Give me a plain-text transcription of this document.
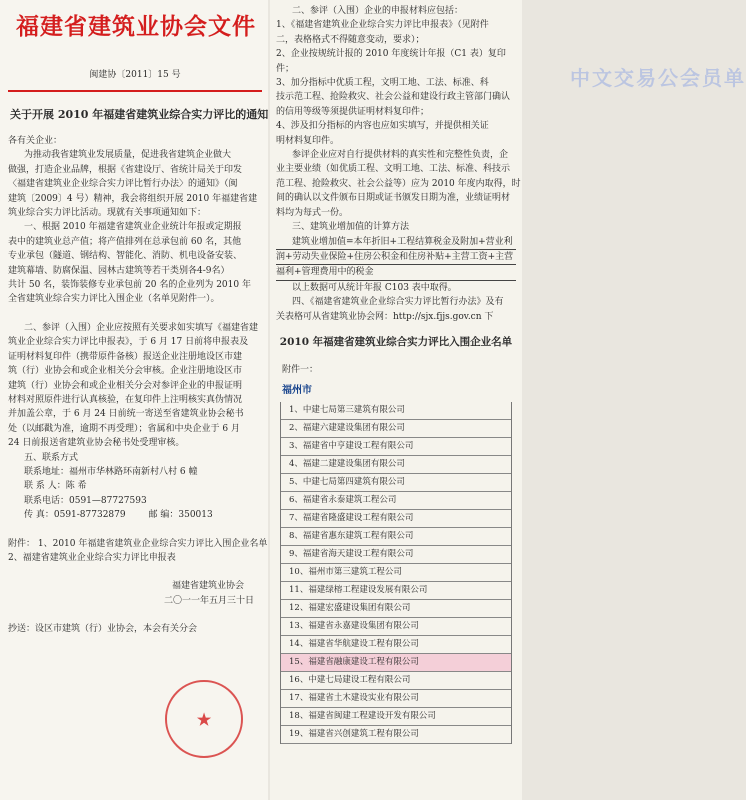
福建省建筑业协会文件
闽建协〔2011〕15 号
关于开展 2010 年福建省建筑业综合实力评比的通知

各有关企业：

为推动我省建筑业发展质量，促进我省建筑企业做大

做强，打造企业品牌，根据《省建设厅、省统计局关于印发

〈福建省建筑业企业综合实力评比暂行办法〉的通知》（闽

建筑〔2009〕4 号）精神，我会将组织开展 2010 年福建省建

筑业综合实力评比活动。现就有关事项通知如下：

一、根据 2010 年福建省建筑业企业统计年报或定期报

表中的建筑业总产值；将产值排列在总承包前 60 名，其他

专业承包（隧道、钢结构、智能化、消防、机电设备安装、

建筑幕墙、防腐保温、园林古建筑等若干类别各4-9名）

共计 50 名，装饰装修专业承包前 20 名的企业列为 2010 年

全省建筑业综合实力评比入围企业（名单见附件一）。

二、参评（入围）企业应按照有关要求如实填写《福建省建

筑业企业综合实力评比申报表》，于 6 月 17 日前将申报表及

证明材料复印件（携带原件备核）报送企业注册地设区市建

筑（行）业协会和或企业相关分会审核。企业注册地设区市

建筑（行）业协会和或企业相关分会对参评企业的申报证明

材料对照原件进行认真核验，在复印件上注明核实真伪情况

并加盖公章，于 6 月 24 日前统一寄送至省建筑业协会秘书

处（以邮戳为准，逾期不再受理）；省属和中央企业于 6 月

24 日前报送省建筑业协会秘书处受理审核。

五、联系方式

联系地址：福州市华林路环南新村八村 6 幢

联 系 人：陈 希

联系电话：0591—87727593

传 真：0591-87732879	邮 编：350013

附件： 1、2010 年福建省建筑业企业综合实力评比入围企业名单

2、福建省建筑业企业综合实力评比申报表

福建省建筑业协会

二〇一一年五月三十日

抄送：设区市建筑（行）业协会，本会有关分会

★
中文交易公会员单

二、参评（入围）企业的申报材料应包括：

1、《福建省建筑业企业综合实力评比申报表》（见附件

二，表格格式不得随意变动，要求）；

2、企业按规统计报的 2010 年度统计年报（C1 表）复印

件；

3、加分指标中优质工程，文明工地、工法、标准、科

技示范工程、抢险救灾、社会公益和建设行政主管部门确认

的信用等级等须提供证明材料复印件；

4、涉及扣分指标的内容也应如实填写，并提供相关证

明材料复印件。

参评企业应对自行提供材料的真实性和完整性负责，企

业主要业绩（如优质工程、文明工地、工法、标准、科技示

范工程、抢险救灾、社会公益等）应为 2010 年度内取得，时

间的确认以文件颁布日期或证书颁发日期为准，业绩证明材

料均为每式一份。

三、建筑业增加值的计算方法

建筑业增加值=本年折旧+工程结算税金及附加+营业利

润+劳动失业保险+住房公积金和住房补贴+主营工资+主营

福利+管理费用中的税金

以上数据可从统计年报 C103 表中取得。

四、《福建省建筑业企业综合实力评比暂行办法》及有

关表格可从省建筑业协会网：http://sjx.fjjs.gov.cn 下

2010 年福建省建筑业综合实力评比入围企业名单

附件一：

福州市
1、中建七局第三建筑有限公司
2、福建六建建设集团有限公司
3、福建省中亨建设工程有限公司
4、福建二建建设集团有限公司
5、中建七局第四建筑有限公司
6、福建省永泰建筑工程公司
7、福建省隆盛建设工程有限公司
8、福建省惠东建筑工程有限公司
9、福建省海天建设工程有限公司
10、福州市第三建筑工程公司
11、福建绿榕工程建设发展有限公司
12、福建宏盛建设集团有限公司
13、福建省永嘉建设集团有限公司
14、福建省华航建设工程有限公司
15、福建省融康建设工程有限公司
16、中建七局建设工程有限公司
17、福建省土木建设实业有限公司
18、福建省闽建工程建设开发有限公司
19、福建省兴创建筑工程有限公司
